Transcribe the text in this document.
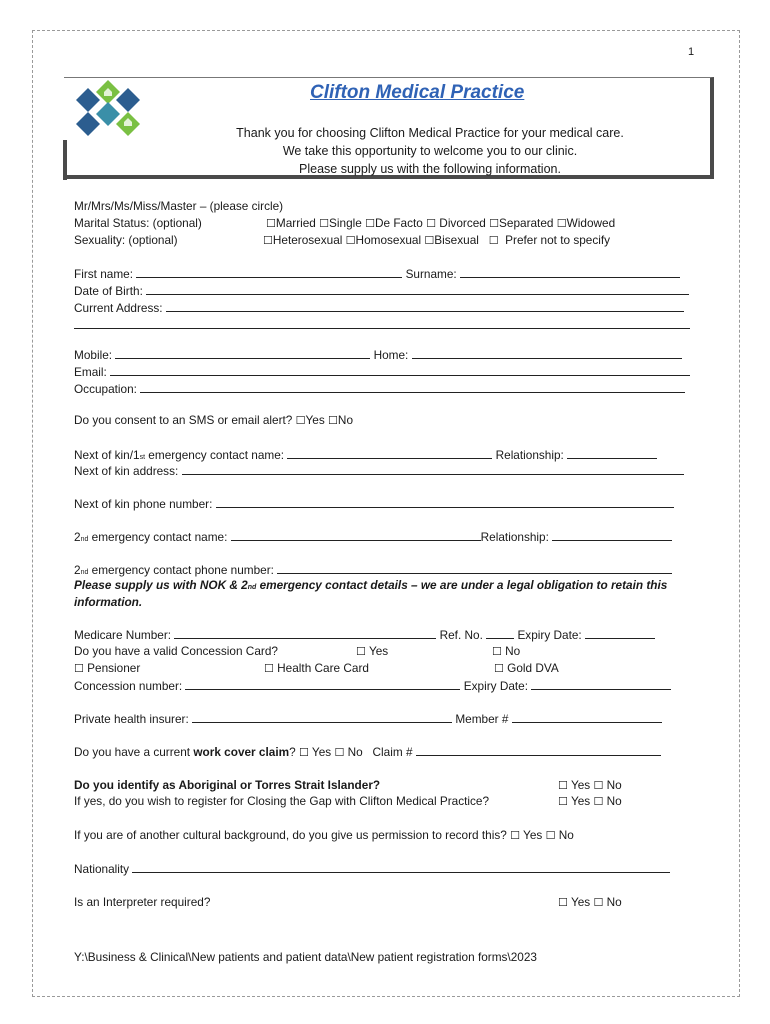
1
Clifton Medical Practice
Thank you for choosing Clifton Medical Practice for your medical care.
We take this opportunity to welcome you to our clinic.
Please supply us with the following information.
Mr/Mrs/Ms/Miss/Master – (please circle)
Marital Status: (optional)	☐Married ☐Single ☐De Facto ☐ Divorced ☐Separated ☐Widowed
Sexuality: (optional)	☐Heterosexual ☐Homosexual ☐Bisexual ☐ Prefer not to specify
First name:	Surname:
Date of Birth:
Current Address:
Mobile:	Home:
Email:
Occupation:
Do you consent to an SMS or email alert? ☐Yes ☐No
Next of kin/1st emergency contact name:	Relationship:
Next of kin address:
Next of kin phone number:
2nd emergency contact name:	Relationship:
2nd emergency contact phone number:
Please supply us with NOK & 2nd emergency contact details – we are under a legal obligation to retain this
information.
Medicare Number:	Ref. No.	Expiry Date:
Do you have a valid Concession Card?	☐ Yes	☐ No
☐ Pensioner	☐ Health Care Card	☐ Gold DVA
Concession number:	Expiry Date:
Private health insurer:	Member #
Do you have a current work cover claim? ☐ Yes ☐ No Claim #
Do you identify as Aboriginal or Torres Strait Islander?	☐ Yes ☐ No
If yes, do you wish to register for Closing the Gap with Clifton Medical Practice?	☐ Yes ☐ No
If you are of another cultural background, do you give us permission to record this? ☐ Yes ☐ No
Nationality
Is an Interpreter required?	☐ Yes ☐ No
Y:\Business & Clinical\New patients and patient data\New patient registration forms\2023
